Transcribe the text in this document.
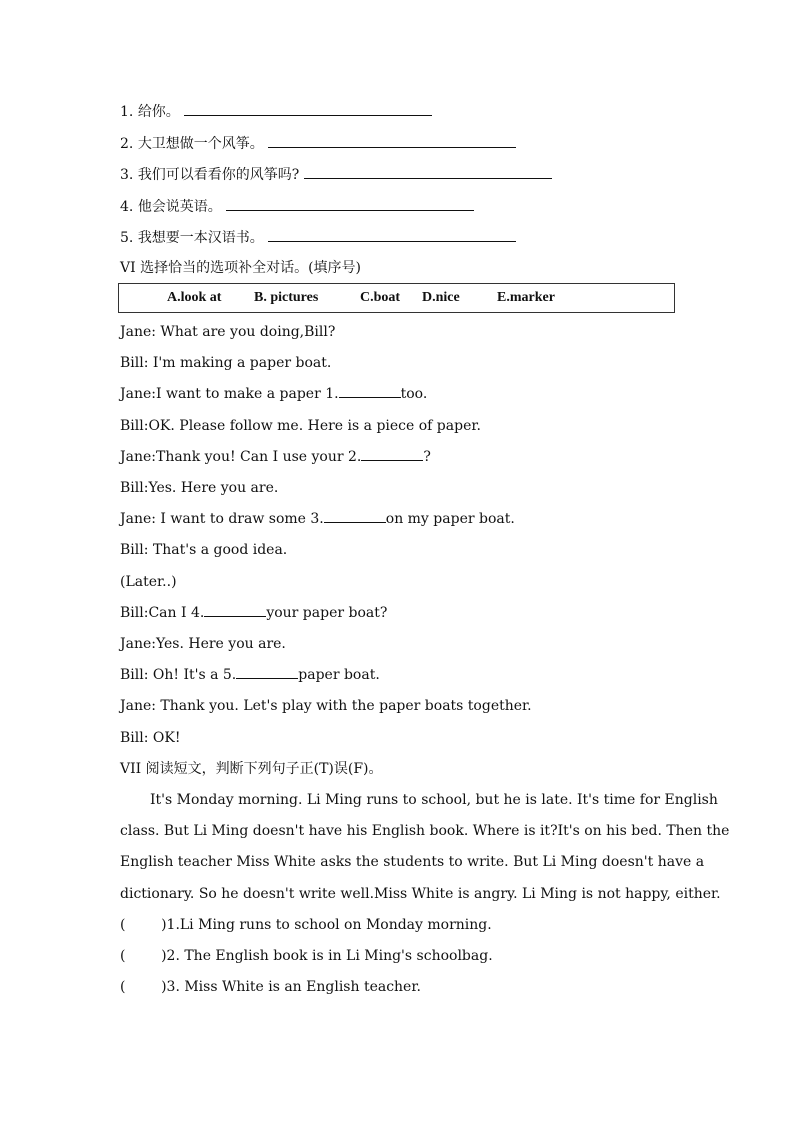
1. 给你。
2. 大卫想做一个风筝。
3. 我们可以看看你的风筝吗?
4. 他会说英语。
5. 我想要一本汉语书。
VI 选择恰当的选项补全对话。(填序号)
A.look at B. pictures	C.boat D.nice	E.marker
Jane: What are you doing,Bill?
Bill: I'm making a paper boat.
Jane:I want to make a paper 1.	too.
Bill:OK. Please follow me. Here is a piece of paper.
Jane:Thank you! Can I use your 2.	?
Bill:Yes. Here you are.
Jane: I want to draw some 3.	on my paper boat.
Bill: That's a good idea.
(Later..)
Bill:Can I 4.	your paper boat?
Jane:Yes. Here you are.
Bill: Oh! It's a 5.	paper boat.
Jane: Thank you. Let's play with the paper boats together.
Bill: OK!
VII 阅读短文，判断下列句子正(T)误(F)。
It's Monday morning. Li Ming runs to school, but he is late. It's time for English
class. But Li Ming doesn't have his English book. Where is it?It's on his bed. Then the
English teacher Miss White asks the students to write. But Li Ming doesn't have a
dictionary. So he doesn't write well.Miss White is angry. Li Ming is not happy, either.
(        )1.Li Ming runs to school on Monday morning.
(        )2. The English book is in Li Ming's schoolbag.
(        )3. Miss White is an English teacher.
